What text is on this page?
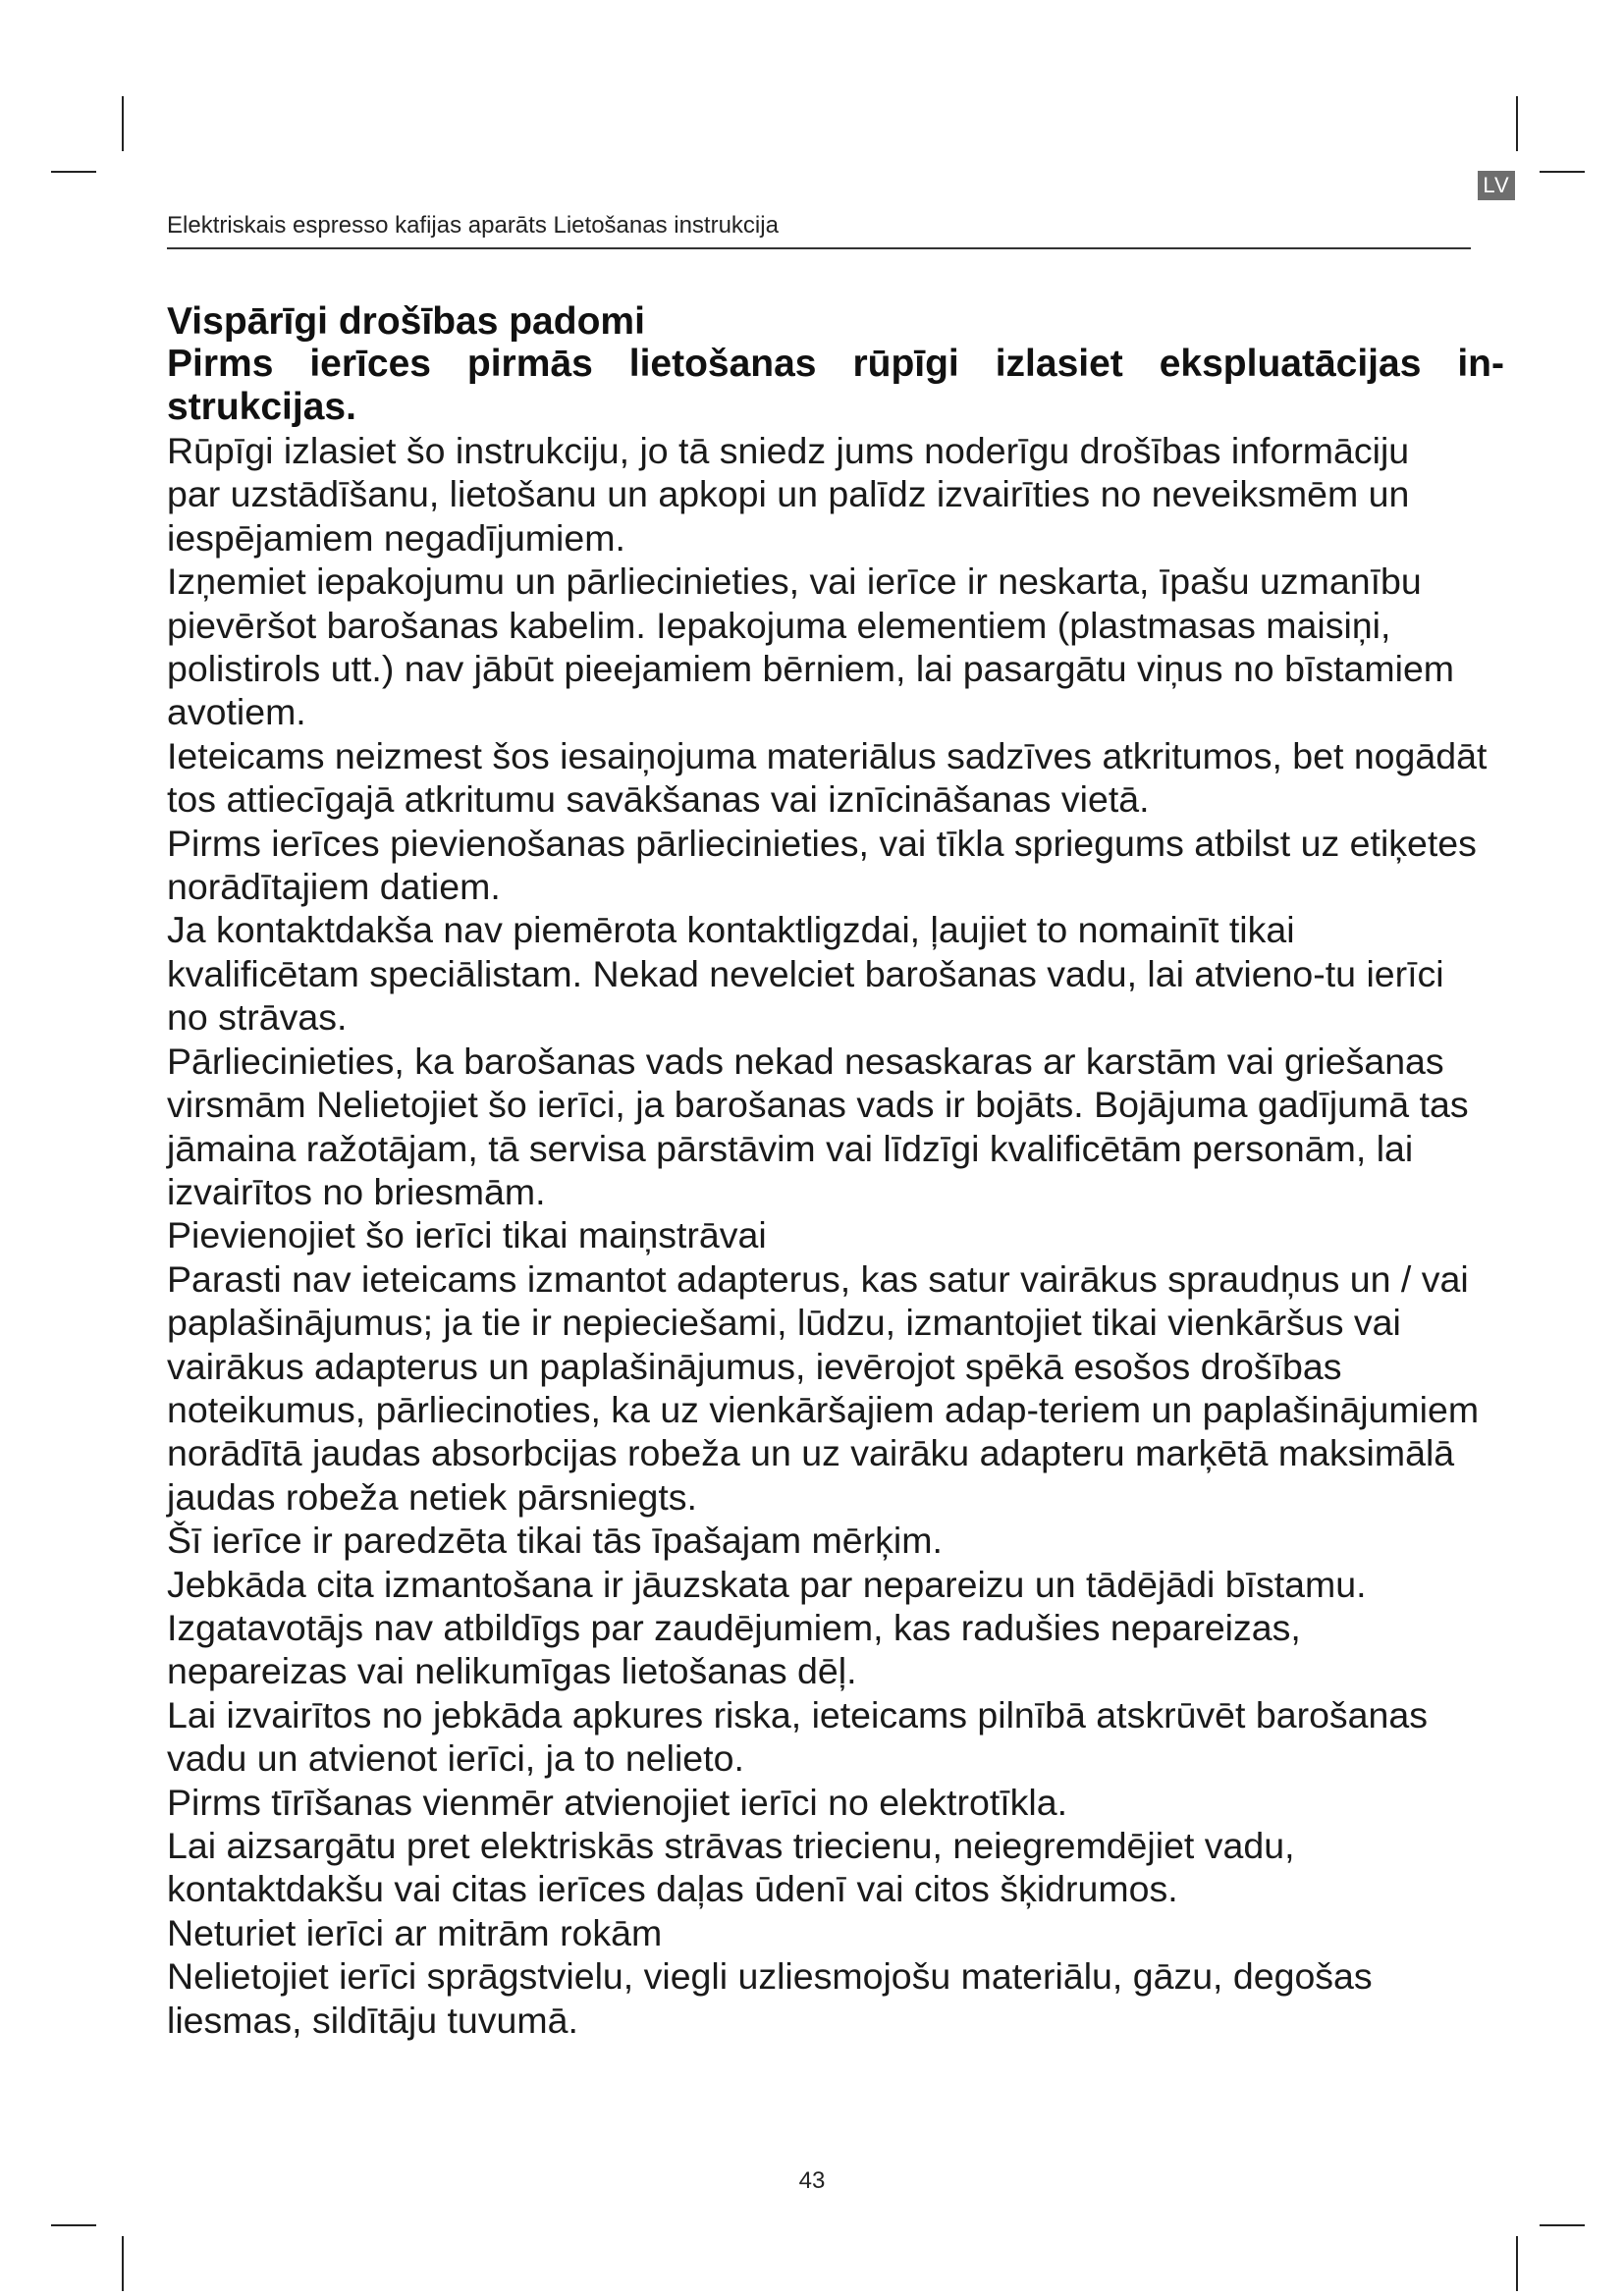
LV
Elektriskais espresso kafijas aparāts Lietošanas instrukcija
Vispārīgi drošības padomi

Pirms ierīces pirmās lietošanas rūpīgi izlasiet ekspluatācijas in-
strukcijas.

Rūpīgi izlasiet šo instrukciju, jo tā sniedz jums noderīgu drošības informāciju par uzstādīšanu, lietošanu un apkopi un palīdz izvairīties no neveiksmēm un iespējamiem negadījumiem.

Izņemiet iepakojumu un pārliecinieties, vai ierīce ir neskarta, īpašu uzmanību pievēršot barošanas kabelim. Iepakojuma elementiem (plastmasas maisiņi, polistirols utt.) nav jābūt pieejamiem bērniem, lai pasargātu viņus no bīstamiem avotiem.

Ieteicams neizmest šos iesaiņojuma materiālus sadzīves atkritumos, bet nogādāt tos attiecīgajā atkritumu savākšanas vai iznīcināšanas vietā.

Pirms ierīces pievienošanas pārliecinieties, vai tīkla spriegums atbilst uz etiķetes norādītajiem datiem.

Ja kontaktdakša nav piemērota kontaktligzdai, ļaujiet to nomainīt tikai kvalificētam speciālistam. Nekad nevelciet barošanas vadu, lai atvieno-tu ierīci no strāvas.

Pārliecinieties, ka barošanas vads nekad nesaskaras ar karstām vai griešanas virsmām Nelietojiet šo ierīci, ja barošanas vads ir bojāts. Bojājuma gadījumā tas jāmaina ražotājam, tā servisa pārstāvim vai līdzīgi kvalificētām personām, lai izvairītos no briesmām.

Pievienojiet šo ierīci tikai maiņstrāvai

Parasti nav ieteicams izmantot adapterus, kas satur vairākus spraudņus un / vai paplašinājumus; ja tie ir nepieciešami, lūdzu, izmantojiet tikai vienkāršus vai vairākus adapterus un paplašinājumus, ievērojot spēkā esošos drošības noteikumus, pārliecinoties, ka uz vienkāršajiem adap-teriem un paplašinājumiem norādītā jaudas absorbcijas robeža un uz vairāku adapteru marķētā maksimālā jaudas robeža netiek pārsniegts.

Šī ierīce ir paredzēta tikai tās īpašajam mērķim.

Jebkāda cita izmantošana ir jāuzskata par nepareizu un tādējādi bīstamu.

Izgatavotājs nav atbildīgs par zaudējumiem, kas radušies nepareizas, nepareizas vai nelikumīgas lietošanas dēļ.

Lai izvairītos no jebkāda apkures riska, ieteicams pilnībā atskrūvēt barošanas vadu un atvienot ierīci, ja to nelieto.

Pirms tīrīšanas vienmēr atvienojiet ierīci no elektrotīkla.

Lai aizsargātu pret elektriskās strāvas triecienu, neiegremdējiet vadu, kontaktdakšu vai citas ierīces daļas ūdenī vai citos šķidrumos.

Neturiet ierīci ar mitrām rokām

Nelietojiet ierīci sprāgstvielu, viegli uzliesmojošu materiālu, gāzu, degošas liesmas, sildītāju tuvumā.

43
